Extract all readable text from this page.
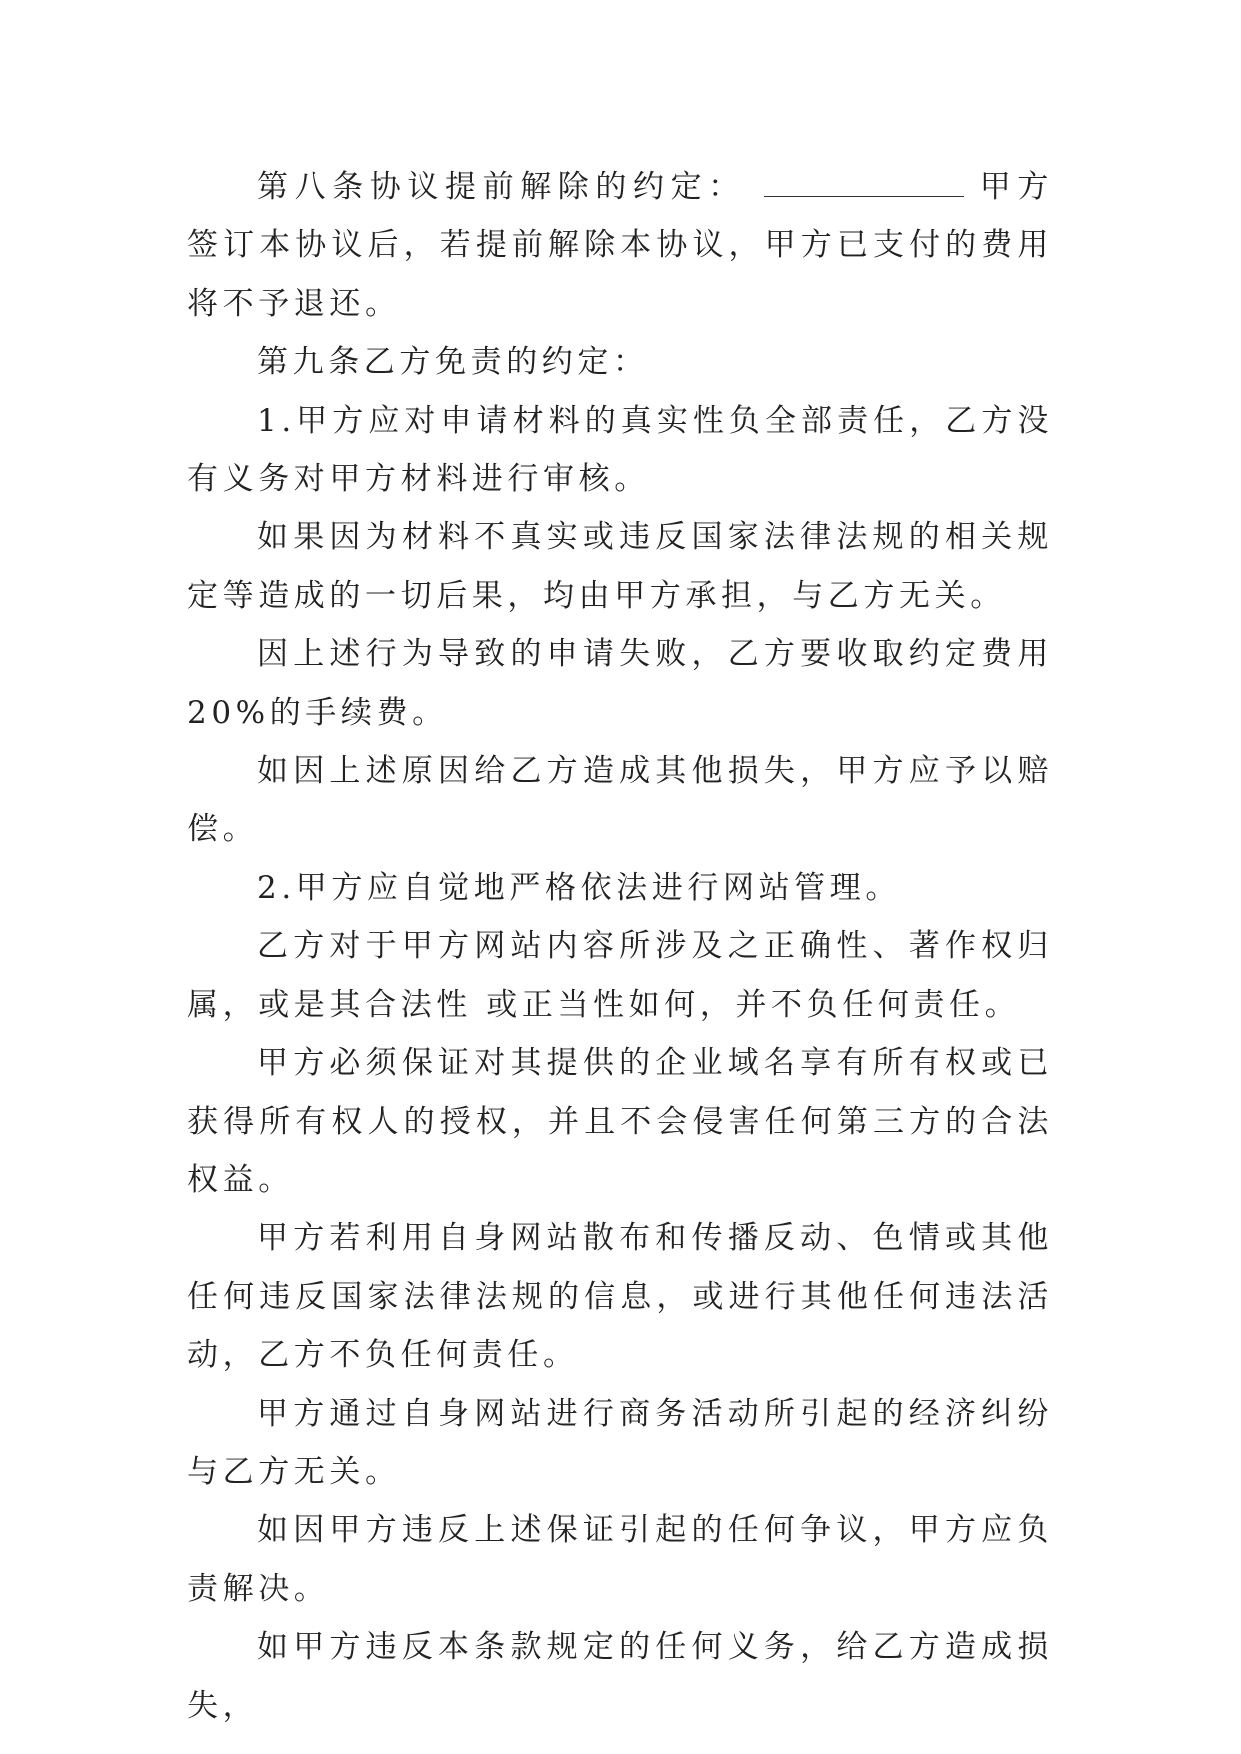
第八条协议提前解除的约定：	甲方签订本协议后，若提前解除本协议，甲方已支付的费用将不予退还。

第九条乙方免责的约定：

1.甲方应对申请材料的真实性负全部责任，乙方没有义务对甲方材料进行审核。

如果因为材料不真实或违反国家法律法规的相关规定等造成的一切后果，均由甲方承担，与乙方无关。

因上述行为导致的申请失败，乙方要收取约定费用20%的手续费。

如因上述原因给乙方造成其他损失，甲方应予以赔偿。

2.甲方应自觉地严格依法进行网站管理。

乙方对于甲方网站内容所涉及之正确性、著作权归属，或是其合法性 或正当性如何，并不负任何责任。

甲方必须保证对其提供的企业域名享有所有权或已获得所有权人的授权，并且不会侵害任何第三方的合法权益。

甲方若利用自身网站散布和传播反动、色情或其他任何违反国家法律法规的信息，或进行其他任何违法活动，乙方不负任何责任。

甲方通过自身网站进行商务活动所引起的经济纠纷与乙方无关。

如因甲方违反上述保证引起的任何争议，甲方应负责解决。

如甲方违反本条款规定的任何义务，给乙方造成损失，
